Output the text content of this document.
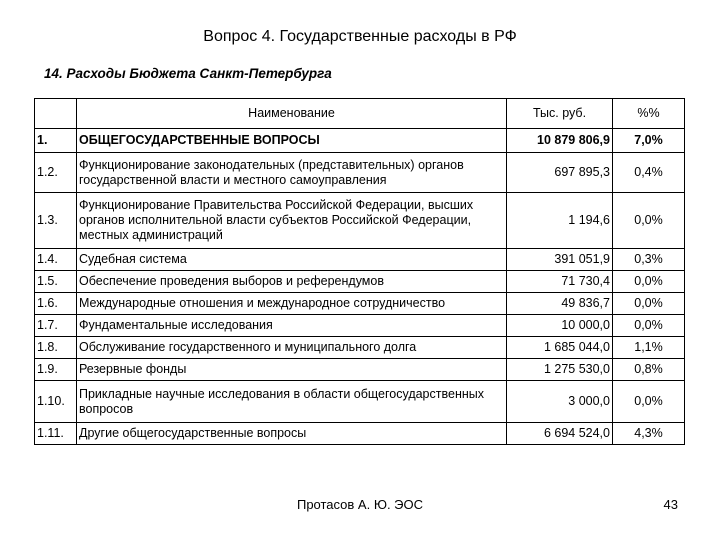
Вопрос 4. Государственные расходы в РФ
14. Расходы Бюджета Санкт-Петербурга
	Наименование	Тыс. руб.	%%
1.	ОБЩЕГОСУДАРСТВЕННЫЕ ВОПРОСЫ	10 879 806,9	7,0%
1.2.	Функционирование законодательных (представительных) органов государственной власти и местного самоуправления	697 895,3	0,4%
1.3.	Функционирование Правительства Российской Федерации, высших органов исполнительной власти субъектов Российской Федерации, местных администраций	1 194,6	0,0%
1.4.	Судебная система	391 051,9	0,3%
1.5.	Обеспечение проведения выборов и референдумов	71 730,4	0,0%
1.6.	Международные отношения и международное сотрудничество	49 836,7	0,0%
1.7.	Фундаментальные исследования	10 000,0	0,0%
1.8.	Обслуживание государственного и муниципального долга	1 685 044,0	1,1%
1.9.	Резервные фонды	1 275 530,0	0,8%
1.10.	Прикладные научные исследования в области общегосударственных вопросов	3 000,0	0,0%
1.11.	Другие общегосударственные вопросы	6 694 524,0	4,3%
Протасов А. Ю. ЭОС	43
